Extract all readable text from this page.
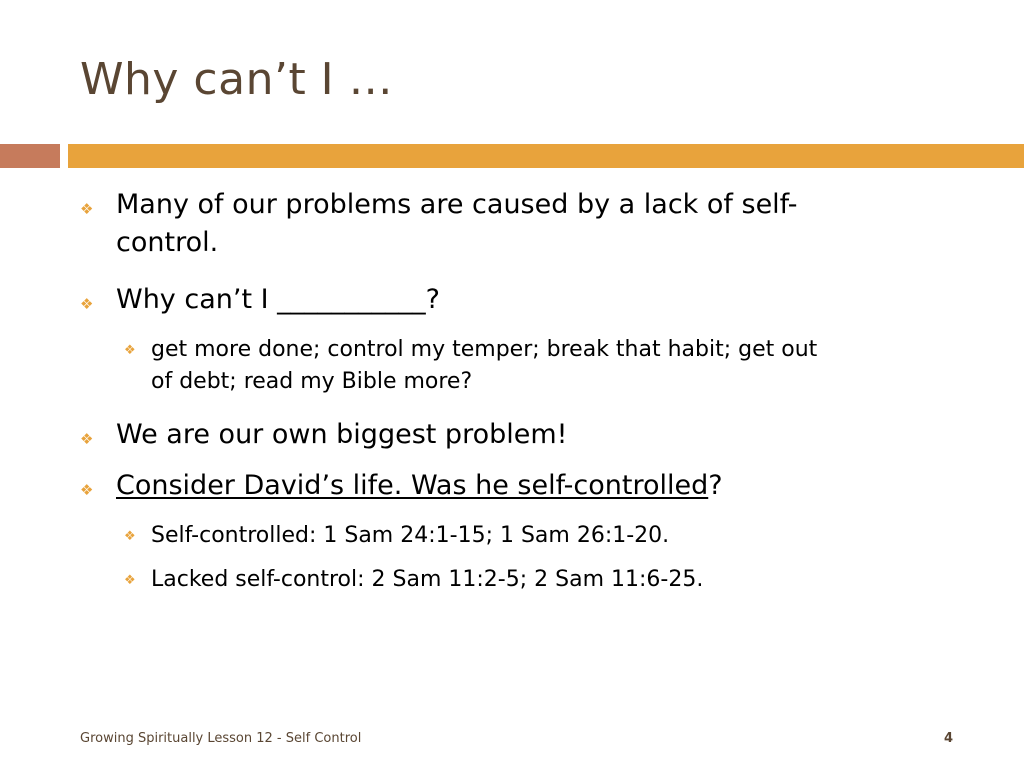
Why can’t I …
❖ Many of our problems are caused by a lack of self-
control.
❖ Why can’t I ___________?
❖ get more done; control my temper; break that habit; get out
of debt; read my Bible more?
❖ We are our own biggest problem!
❖ Consider David’s life. Was he self-controlled?
❖ Self-controlled: 1 Sam 24:1-15; 1 Sam 26:1-20.
❖ Lacked self-control: 2 Sam 11:2-5; 2 Sam 11:6-25.
Growing Spiritually Lesson 12 - Self Control	4
